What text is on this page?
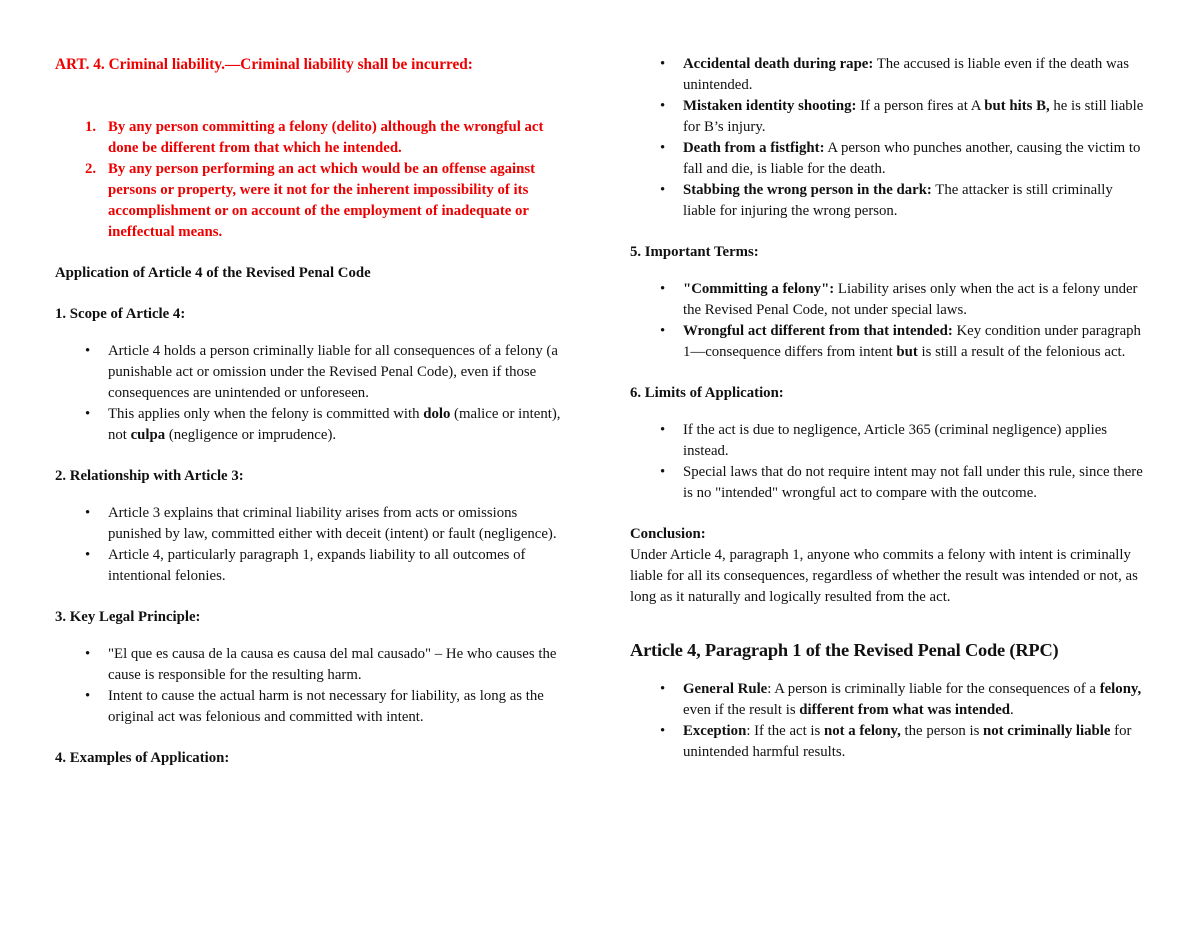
ART. 4. Criminal liability.—Criminal liability shall be incurred:
1. By any person committing a felony (delito) although the wrongful act done be different from that which he intended.
2. By any person performing an act which would be an offense against persons or property, were it not for the inherent impossibility of its accomplishment or on account of the employment of inadequate or ineffectual means.
Application of Article 4 of the Revised Penal Code
1. Scope of Article 4:
•	Article 4 holds a person criminally liable for all consequences of a felony (a punishable act or omission under the Revised Penal Code), even if those consequences are unintended or unforeseen.
•	This applies only when the felony is committed with dolo (malice or intent), not culpa (negligence or imprudence).
2. Relationship with Article 3:
•	Article 3 explains that criminal liability arises from acts or omissions punished by law, committed either with deceit (intent) or fault (negligence).
•	Article 4, particularly paragraph 1, expands liability to all outcomes of intentional felonies.
3. Key Legal Principle:
•	"El que es causa de la causa es causa del mal causado" – He who causes the cause is responsible for the resulting harm.
•	Intent to cause the actual harm is not necessary for liability, as long as the original act was felonious and committed with intent.
4. Examples of Application:
•	Accidental death during rape: The accused is liable even if the death was unintended.
•	Mistaken identity shooting: If a person fires at A but hits B, he is still liable for B’s injury.
•	Death from a fistfight: A person who punches another, causing the victim to fall and die, is liable for the death.
•	Stabbing the wrong person in the dark: The attacker is still criminally liable for injuring the wrong person.
5. Important Terms:
•	"Committing a felony": Liability arises only when the act is a felony under the Revised Penal Code, not under special laws.
•	Wrongful act different from that intended: Key condition under paragraph 1—consequence differs from intent but is still a result of the felonious act.
6. Limits of Application:
•	If the act is due to negligence, Article 365 (criminal negligence) applies instead.
•	Special laws that do not require intent may not fall under this rule, since there is no "intended" wrongful act to compare with the outcome.
Conclusion:
Under Article 4, paragraph 1, anyone who commits a felony with intent is criminally liable for all its consequences, regardless of whether the result was intended or not, as long as it naturally and logically resulted from the act.
Article 4, Paragraph 1 of the Revised Penal Code (RPC)
•	General Rule: A person is criminally liable for the consequences of a felony, even if the result is different from what was intended.
•	Exception: If the act is not a felony, the person is not criminally liable for unintended harmful results.
